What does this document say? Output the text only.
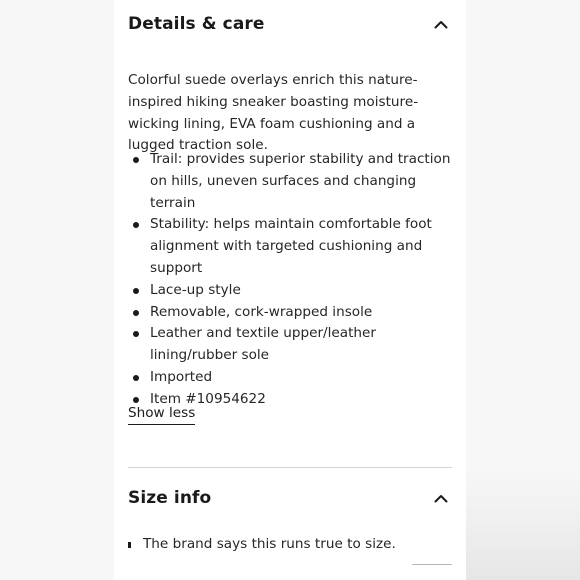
Details & care

Colorful suede overlays enrich this nature-inspired hiking sneaker boasting moisture-wicking lining, EVA foam cushioning and a lugged traction sole.

Trail: provides superior stability and traction on hills, uneven surfaces and changing terrain
Stability: helps maintain comfortable foot alignment with targeted cushioning and support
Lace-up style
Removable, cork-wrapped insole
Leather and textile upper/leather lining/rubber sole
Imported
Item #10954622
Show less
Size info
The brand says this runs true to size.
